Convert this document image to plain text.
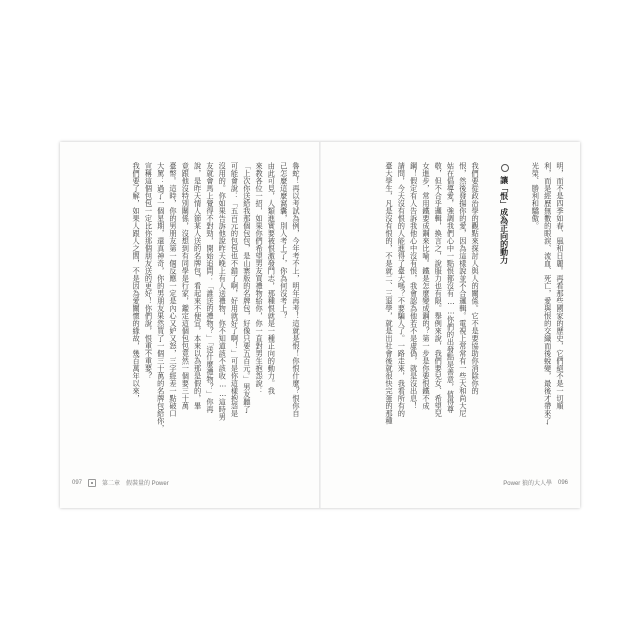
魯蛇！再以考試為例，今年考不上，明年再考！這就是恨！你恨什麼？恨你自
己怎麼這麼窩囊，別人考上了，你為何沒考上？
由此可見，人類進實要被恨激發鬥志，那種恨就是一種正向的動力。我
來教各位一招，如果你們希望男友買禮物給你，你一直對男生抱怨說：
「上次你送給我那個包包，是山寨版的名牌包，好像只要五百元。」男友聽了
可能會說：「五百元的包包也不錯了啊，好用就好了啊！」可是你這樣抱怨是
沒用的。你如果告訴他說昨天晚上有人送禮物，你不知道該不該收……這時男
友就會馬上覺得不對勁，開始追問：「誰送的禮物？」「送什麼禮物？」你再
說，是昨天情人節某人送的名牌包，看起來不便宜，本來以為那是假的，畢
竟跟他沒特別關係，沒想到有同學是行家，鑑定這個包包竟然一個要三十萬
臺幣。這時，你的男朋友第一個反應一定是內心又妒又怒，三字經差一點破口
大罵：過了一個星期，還真神奇，你的男朋友果然買了一個三十萬的名牌包給你，
宣稱這個包包一定比你那個朋友送的更好！你們說，恨重不重要？
我們要了解，如果人跟人之間，不是因為愛關懷的緣故，幾百萬年以來，
097	第二章　假裝量的 Power
明，而不是四季如春、風和日麗。再看那些國家的歷史，它們絕不是一切順
利，而是經歷無數的眼淚、流血、死亡，愛與恨的交織而後蛻變，最後才帶來了
光榮、勝利和驕傲。
讓「恨」成為正向的動力
我們要從政治學的觀點來探討人與人的關係。它不是要協助你消除你的
恨，然後發揚你的愛，因為這樣說並不合邏輯。電視上常常有一些大和尚大尼
姑在倡導愛，強調我們心中一點恨都沒有……你們的出發點是善意，值得尊
敬，但不合乎邏輯，換言之，說服力也有限。舉例來說，我們要兒女、希望兒
女進步，常用鐵要成鋼來比喻。鐵是怎麼變成鋼的？第一步是你要恨鐵不成
鋼！假定有人告訴我他心中沒有恨，我會認為他若不是虛偽，就是沒出息！
請問，今天沒有恨的人能進得了臺大嗎？不要騙人了。一路走來，我看所有的
臺大學生，凡是沒有恨的，不是就二、三退學，就是出社會後就很快完蛋的那種
Power 狼的大人學 096
